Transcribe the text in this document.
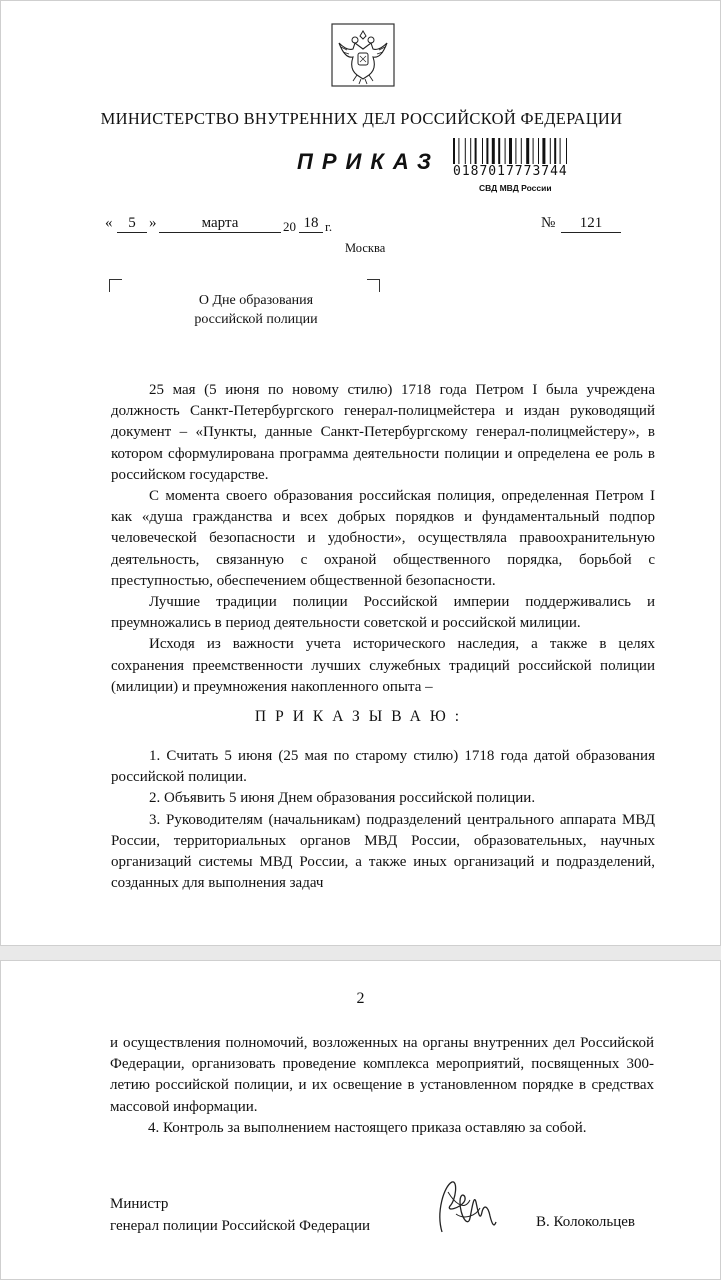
МИНИСТЕРСТВО ВНУТРЕННИХ ДЕЛ РОССИЙСКОЙ ФЕДЕРАЦИИ
ПРИКАЗ 0187017773744
СВД МВД России
«	5 »	марта	20 18 г.	№	121
Москва
О Дне образования
российской полиции

25 мая (5 июня по новому стилю) 1718 года Петром I была учреждена должность Санкт-Петербургского генерал-полицмейстера и издан руководящий документ – «Пункты, данные Санкт-Петербургскому генерал-полицмейстеру», в котором сформулирована программа деятельности полиции и определена ее роль в российском государстве.

С момента своего образования российская полиция, определенная Петром I как «душа гражданства и всех добрых порядков и фундаментальный подпор человеческой безопасности и удобности», осуществляла правоохранительную деятельность, связанную с охраной общественного порядка, борьбой с преступностью, обеспечением общественной безопасности.

Лучшие традиции полиции Российской империи поддерживались и преумножались в период деятельности советской и российской милиции.

Исходя из важности учета исторического наследия, а также в целях сохранения преемственности лучших служебных традиций российской полиции (милиции) и преумножения накопленного опыта –

ПРИКАЗЫВАЮ:

1. Считать 5 июня (25 мая по старому стилю) 1718 года датой образования российской полиции.

2. Объявить 5 июня Днем образования российской полиции.

3. Руководителям (начальникам) подразделений центрального аппарата МВД России, территориальных органов МВД России, образовательных, научных организаций системы МВД России, а также иных организаций и подразделений, созданных для выполнения задач

2

и осуществления полномочий, возложенных на органы внутренних дел Российской Федерации, организовать проведение комплекса мероприятий, посвященных 300-летию российской полиции, и их освещение в установленном порядке в средствах массовой информации.

4. Контроль за выполнением настоящего приказа оставляю за собой.

Министр
генерал полиции Российской Федерации	В. Колокольцев
